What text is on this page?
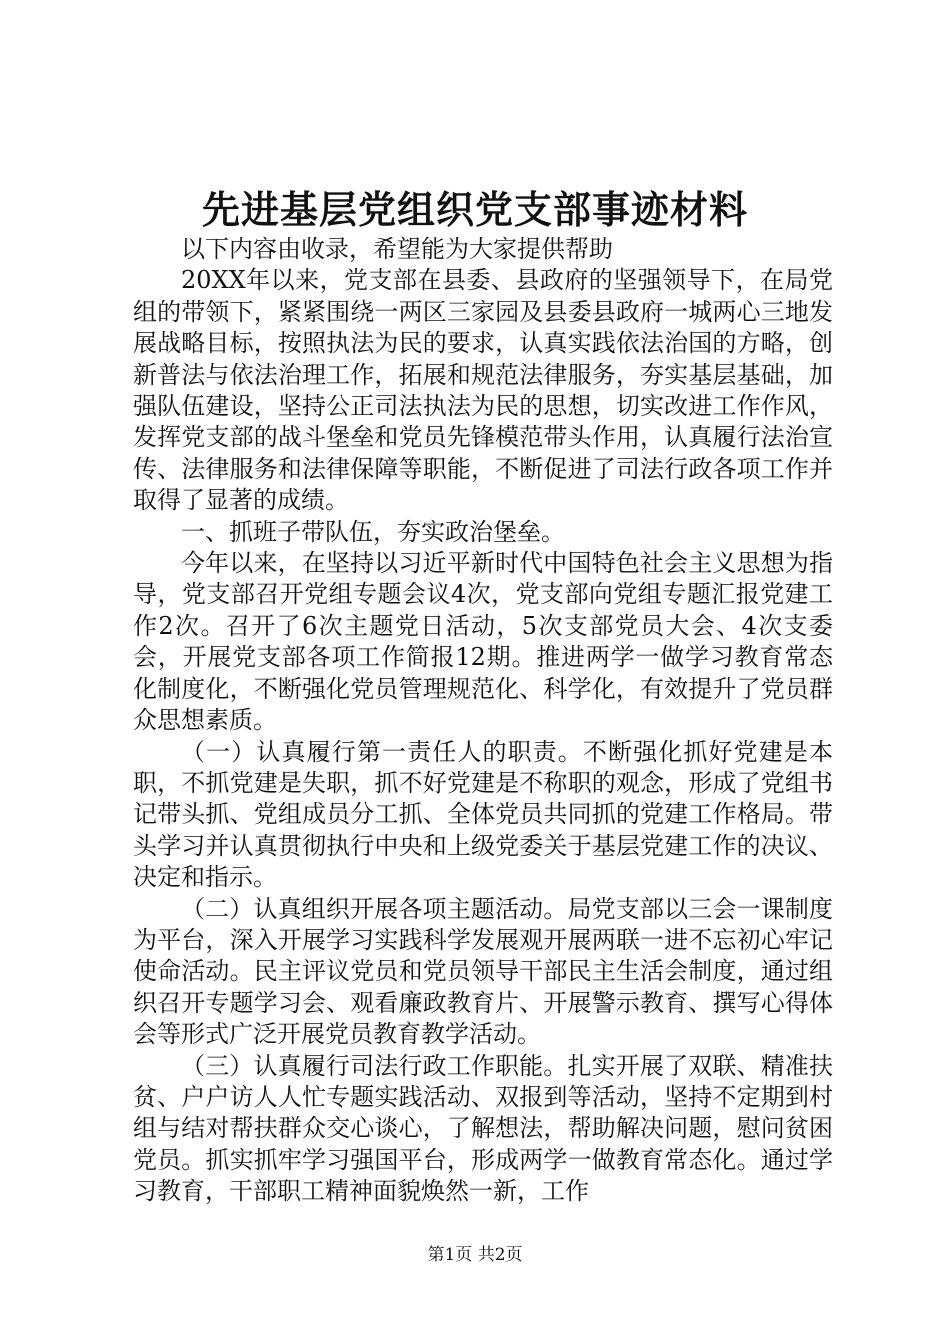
先进基层党组织党支部事迹材料

以下内容由收录，希望能为大家提供帮助

20XX年以来，党支部在县委、县政府的坚强领导下，在局党组的带领下，紧紧围绕一两区三家园及县委县政府一城两心三地发展战略目标，按照执法为民的要求，认真实践依法治国的方略，创新普法与依法治理工作，拓展和规范法律服务，夯实基层基础，加强队伍建设，坚持公正司法执法为民的思想，切实改进工作作风，发挥党支部的战斗堡垒和党员先锋模范带头作用，认真履行法治宣传、法律服务和法律保障等职能，不断促进了司法行政各项工作并取得了显著的成绩。

一、抓班子带队伍，夯实政治堡垒。

今年以来，在坚持以习近平新时代中国特色社会主义思想为指导，党支部召开党组专题会议4次，党支部向党组专题汇报党建工作2次。召开了6次主题党日活动，5次支部党员大会、4次支委会，开展党支部各项工作简报12期。推进两学一做学习教育常态化制度化，不断强化党员管理规范化、科学化，有效提升了党员群众思想素质。

（一）认真履行第一责任人的职责。不断强化抓好党建是本职，不抓党建是失职，抓不好党建是不称职的观念，形成了党组书记带头抓、党组成员分工抓、全体党员共同抓的党建工作格局。带头学习并认真贯彻执行中央和上级党委关于基层党建工作的决议、决定和指示。

（二）认真组织开展各项主题活动。局党支部以三会一课制度为平台，深入开展学习实践科学发展观开展两联一进不忘初心牢记使命活动。民主评议党员和党员领导干部民主生活会制度，通过组织召开专题学习会、观看廉政教育片、开展警示教育、撰写心得体会等形式广泛开展党员教育教学活动。

（三）认真履行司法行政工作职能。扎实开展了双联、精准扶贫、户户访人人忙专题实践活动、双报到等活动，坚持不定期到村组与结对帮扶群众交心谈心，了解想法，帮助解决问题，慰问贫困党员。抓实抓牢学习强国平台，形成两学一做教育常态化。通过学习教育，干部职工精神面貌焕然一新，工作

第1页 共2页
